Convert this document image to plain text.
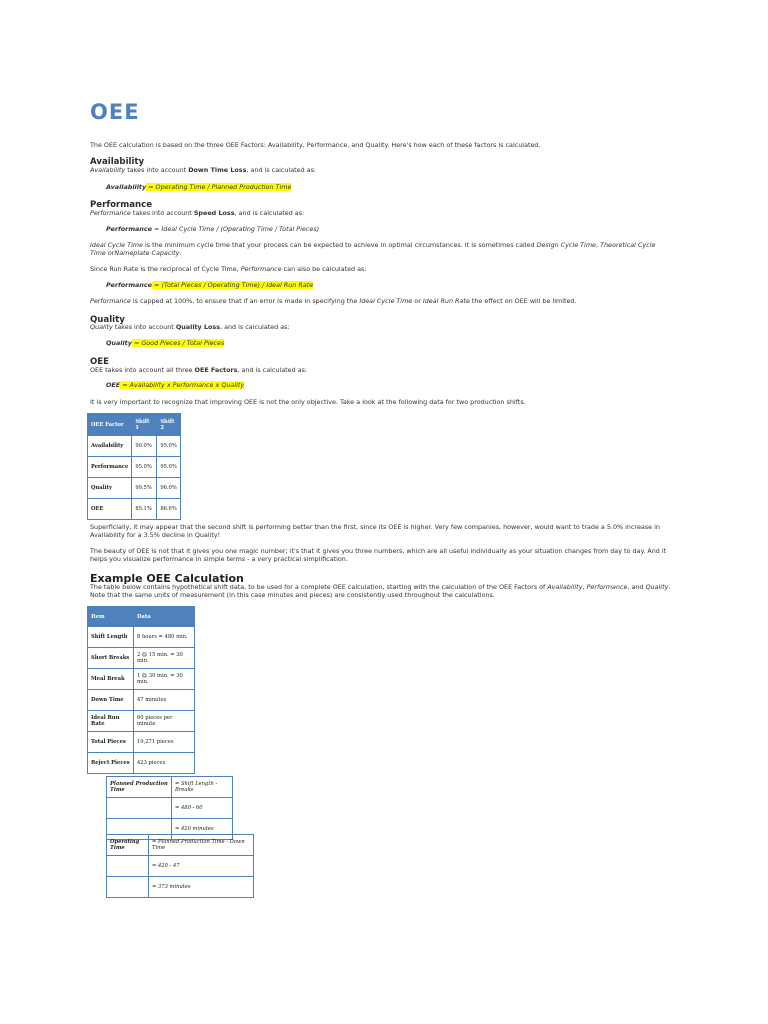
OEE
The OEE calculation is based on the three OEE Factors: Availability, Performance, and Quality. Here's how each of these factors is calculated.
Availability
Availability takes into account Down Time Loss, and is calculated as:
Availability = Operating Time / Planned Production Time
Performance
Performance takes into account Speed Loss, and is calculated as:
Performance = Ideal Cycle Time / (Operating Time / Total Pieces)
Ideal Cycle Time is the minimum cycle time that your process can be expected to achieve in optimal circumstances. It is sometimes called Design Cycle Time, Theoretical Cycle Time orNameplate Capacity.
Since Run Rate is the reciprocal of Cycle Time, Performance can also be calculated as:
Performance = (Total Pieces / Operating Time) / Ideal Run Rate
Performance is capped at 100%, to ensure that if an error is made in specifying the Ideal Cycle Time or Ideal Run Rate the effect on OEE will be limited.
Quality
Quality takes into account Quality Loss, and is calculated as:
Quality = Good Pieces / Total Pieces
OEE
OEE takes into account all three OEE Factors, and is calculated as:
OEE = Availability x Performance x Quality
It is very important to recognize that improving OEE is not the only objective. Take a look at the following data for two production shifts.
OEE Factor	Shift 1	Shift 2
Availability	90.0%	95.0%
Performance	95.0%	95.0%
Quality	99.5%	96.0%
OEE	85.1%	86.6%
Superficially, it may appear that the second shift is performing better than the first, since its OEE is higher. Very few companies, however, would want to trade a 5.0% increase in Availability for a 3.5% decline in Quality!
The beauty of OEE is not that it gives you one magic number; it's that it gives you three numbers, which are all useful individually as your situation changes from day to day. And it helps you visualize performance in simple terms - a very practical simplification.
Example OEE Calculation
The table below contains hypothetical shift data, to be used for a complete OEE calculation, starting with the calculation of the OEE Factors of Availability, Performance, and Quality. Note that the same units of measurement (in this case minutes and pieces) are consistently used throughout the calculations.
Item	Data
Shift Length	8 hours = 480 min.
Short Breaks	2 @ 15 min. = 30 min.
Meal Break	1 @ 30 min. = 30 min.
Down Time	47 minutes
Ideal Run Rate	60 pieces per minute
Total Pieces	19,271 pieces
Reject Pieces	423 pieces
Planned Production Time	= Shift Length - Breaks
	= 480 - 60
	= 420 minutes
Operating Time	= Planned Production Time - Down Time
	= 420 - 47
	= 373 minutes
